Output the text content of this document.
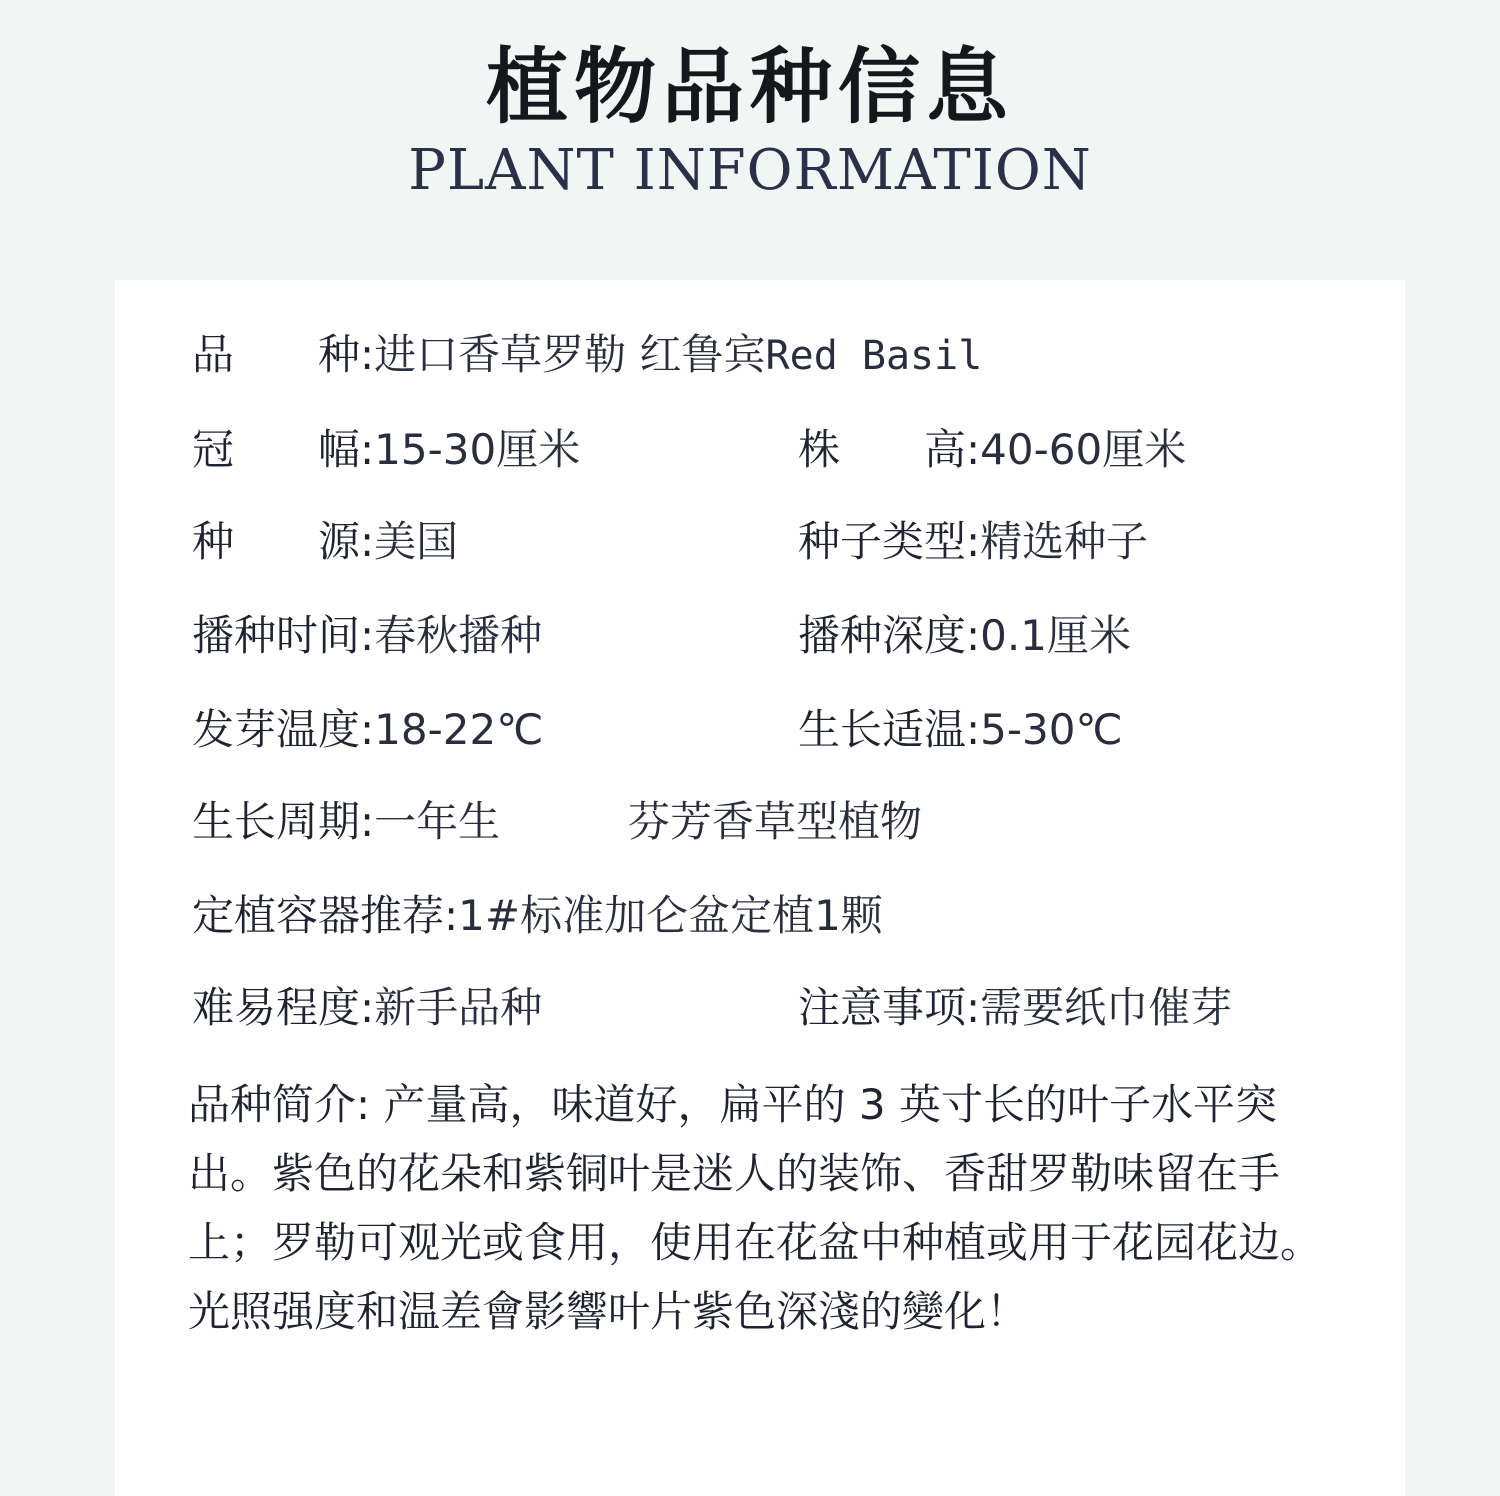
植物品种信息
PLANT INFORMATION
品　　种:进口香草罗勒 红鲁宾Red Basil
冠　　幅:15-30厘米	株　　高:40-60厘米
种　　源:美国	种子类型:精选种子
播种时间:春秋播种	播种深度:0.1厘米
发芽温度:18-22℃	生长适温:5-30℃
生长周期:一年生	芬芳香草型植物
定植容器推荐:1#标准加仑盆定植1颗
难易程度:新手品种	注意事项:需要纸巾催芽
品种简介: 产量高，味道好，扁平的 3 英寸长的叶子水平突出。紫色的花朵和紫铜叶是迷人的装饰、香甜罗勒味留在手上；罗勒可观光或食用，使用在花盆中种植或用于花园花边。光照强度和温差會影響叶片紫色深淺的變化！
